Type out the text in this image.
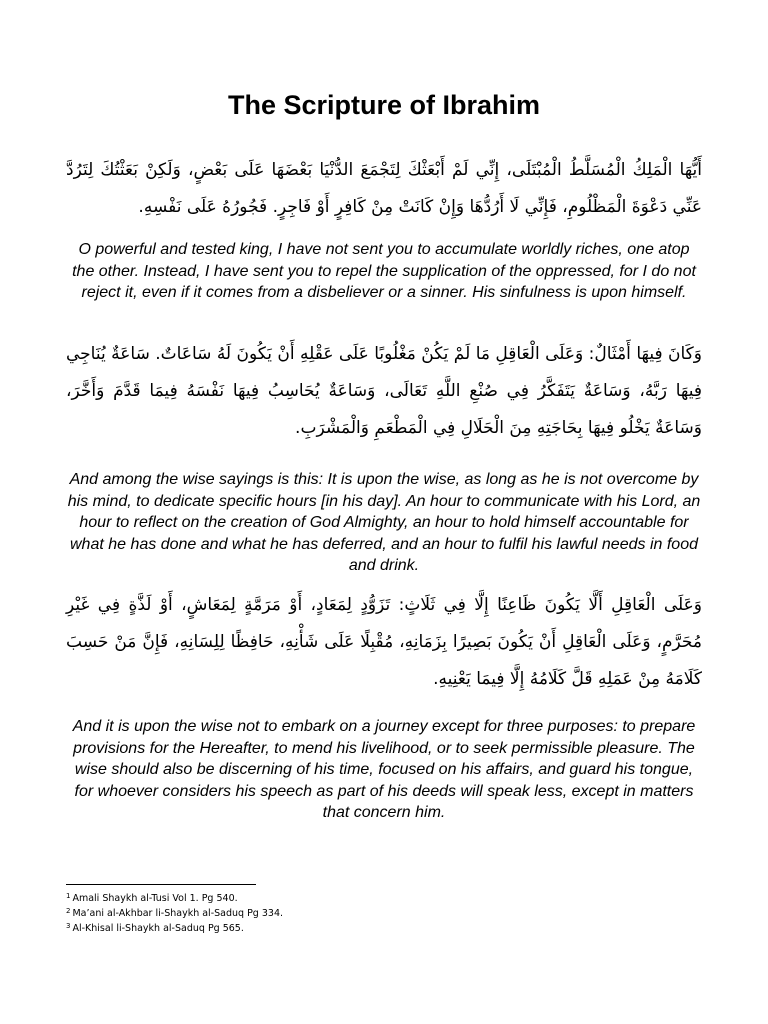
The Scripture of Ibrahim

أَيُّهَا الْمَلِكُ الْمُسَلَّطُ الْمُبْتَلَى، إِنِّي لَمْ أَبْعَثْكَ لِتَجْمَعَ الدُّنْيَا بَعْضَهَا عَلَى بَعْضٍ، وَلَكِنْ بَعَثْتُكَ لِتَرُدَّ عَنِّي دَعْوَةَ الْمَظْلُومِ، فَإِنِّي لَا أَرُدُّهَا وَإِنْ كَانَتْ مِنْ كَافِرٍ أَوْ فَاجِرٍ. فَجُورُهُ عَلَى نَفْسِهِ.

O powerful and tested king, I have not sent you to accumulate worldly riches, one atop the other. Instead, I have sent you to repel the supplication of the oppressed, for I do not reject it, even if it comes from a disbeliever or a sinner. His sinfulness is upon himself.

وَكَانَ فِيهَا أَمْثَالٌ: وَعَلَى الْعَاقِلِ مَا لَمْ يَكُنْ مَغْلُوبًا عَلَى عَقْلِهِ أَنْ يَكُونَ لَهُ سَاعَاتٌ. سَاعَةٌ يُنَاجِي فِيهَا رَبَّهُ، وَسَاعَةٌ يَتَفَكَّرُ فِي صُنْعِ اللَّهِ تَعَالَى، وَسَاعَةٌ يُحَاسِبُ فِيهَا نَفْسَهُ فِيمَا قَدَّمَ وَأَخَّرَ، وَسَاعَةٌ يَخْلُو فِيهَا بِحَاجَتِهِ مِنَ الْحَلَالِ فِي الْمَطْعَمِ وَالْمَشْرَبِ.

And among the wise sayings is this: It is upon the wise, as long as he is not overcome by his mind, to dedicate specific hours [in his day]. An hour to communicate with his Lord, an hour to reflect on the creation of God Almighty, an hour to hold himself accountable for what he has done and what he has deferred, and an hour to fulfil his lawful needs in food and drink.

وَعَلَى الْعَاقِلِ أَلَّا يَكُونَ ظَاعِنًا إِلَّا فِي ثَلَاثٍ: تَزَوُّدٍ لِمَعَادٍ، أَوْ مَرَمَّةٍ لِمَعَاشٍ، أَوْ لَذَّةٍ فِي غَيْرِ مُحَرَّمٍ، وَعَلَى الْعَاقِلِ أَنْ يَكُونَ بَصِيرًا بِزَمَانِهِ، مُقْبِلًا عَلَى شَأْنِهِ، حَافِظًا لِلِسَانِهِ، فَإِنَّ مَنْ حَسِبَ كَلَامَهُ مِنْ عَمَلِهِ قَلَّ كَلَامُهُ إِلَّا فِيمَا يَعْنِيهِ.

And it is upon the wise not to embark on a journey except for three purposes: to prepare provisions for the Hereafter, to mend his livelihood, or to seek permissible pleasure. The wise should also be discerning of his time, focused on his affairs, and guard his tongue, for whoever considers his speech as part of his deeds will speak less, except in matters that concern him.

$^1$ Amali Shaykh al-Tusi Vol 1. Pg 540.
$^2$ Ma’ani al-Akhbar li-Shaykh al-Saduq Pg 334.
$^3$ Al-Khisal li-Shaykh al-Saduq Pg 565.
